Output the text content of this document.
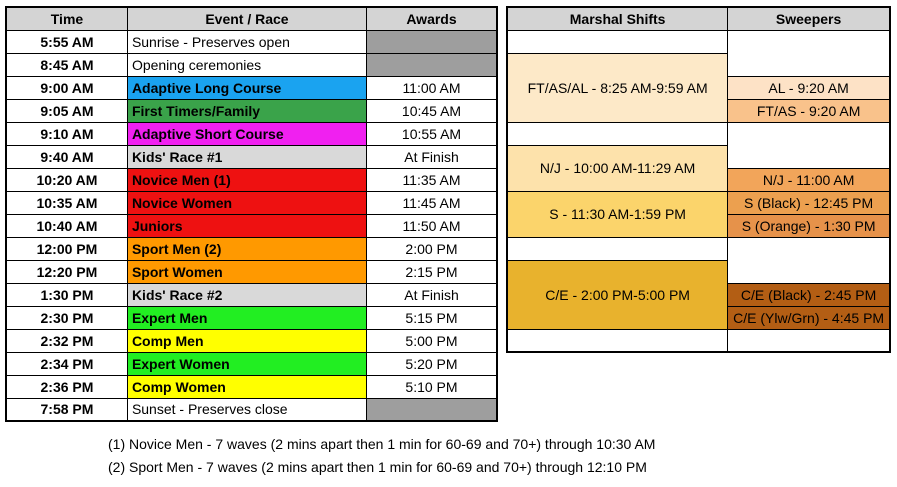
Time	Event / Race	Awards
5:55 AM	Sunrise - Preserves open	
8:45 AM	Opening ceremonies	
9:00 AM	Adaptive Long Course	11:00 AM
9:05 AM	First Timers/Family	10:45 AM
9:10 AM	Adaptive Short Course	10:55 AM
9:40 AM	Kids' Race #1	At Finish
10:20 AM	Novice Men (1)	11:35 AM
10:35 AM	Novice Women	11:45 AM
10:40 AM	Juniors	11:50 AM
12:00 PM	Sport Men (2)	2:00 PM
12:20 PM	Sport Women	2:15 PM
1:30 PM	Kids' Race #2	At Finish
2:30 PM	Expert Men	5:15 PM
2:32 PM	Comp Men	5:00 PM
2:34 PM	Expert Women	5:20 PM
2:36 PM	Comp Women	5:10 PM
7:58 PM	Sunset - Preserves close	
Marshal Shifts	Sweepers

FT/AS/AL - 8:25 AM-9:59 AM	
	AL - 9:20 AM
	FT/AS - 9:20 AM

N/J - 10:00 AM-11:29 AM	

	N/J - 11:00 AM
S - 11:30 AM-1:59 PM	S (Black) - 12:45 PM
	S (Orange) - 1:30 PM

C/E - 2:00 PM-5:00 PM	

	C/E (Black) - 2:45 PM
	C/E (Ylw/Grn) - 4:45 PM

(1) Novice Men - 7 waves (2 mins apart then 1 min for 60-69 and 70+) through 10:30 AM
(2) Sport Men - 7 waves (2 mins apart then 1 min for 60-69 and 70+) through 12:10 PM
